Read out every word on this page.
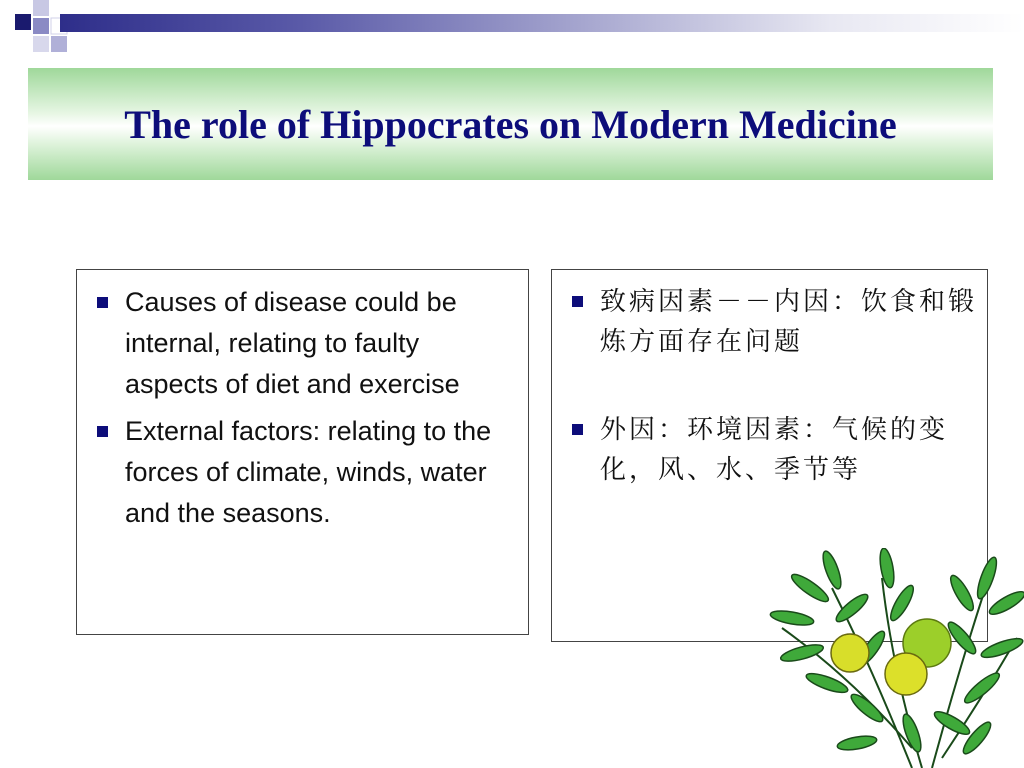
The role of Hippocrates on Modern Medicine
Causes of disease could be internal, relating to faulty aspects of diet and exercise
External factors: relating to the forces of climate, winds, water and the seasons.
致病因素－－内因：饮食和锻炼方面存在问题
外因：环境因素：气候的变化，风、水、季节等
